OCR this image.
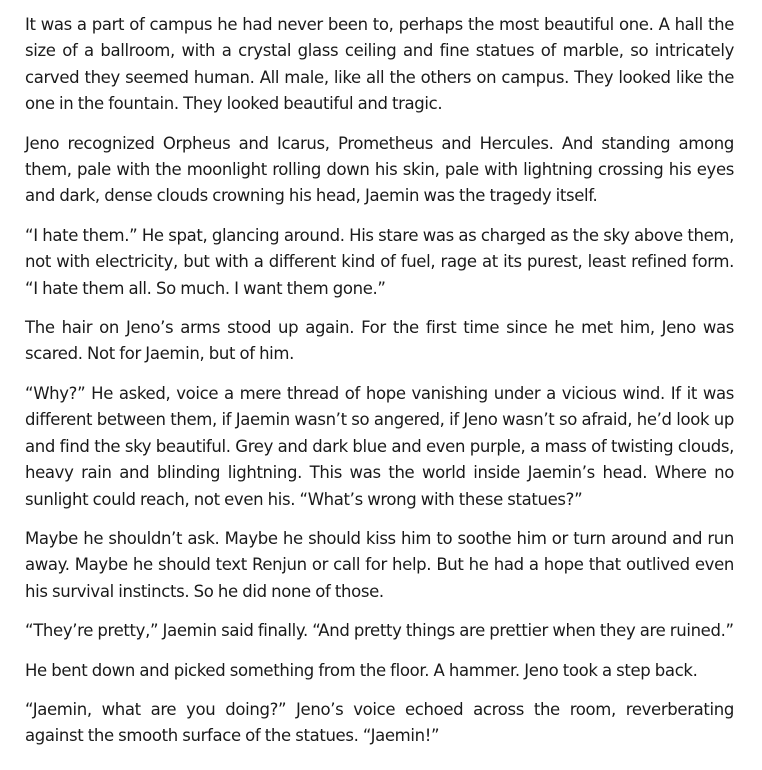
It was a part of campus he had never been to, perhaps the most beautiful one. A hall the size of a ballroom, with a crystal glass ceiling and fine statues of marble, so intricately carved they seemed human. All male, like all the others on campus. They looked like the one in the fountain. They looked beautiful and tragic.

Jeno recognized Orpheus and Icarus, Prometheus and Hercules. And standing among them, pale with the moonlight rolling down his skin, pale with lightning crossing his eyes and dark, dense clouds crowning his head, Jaemin was the tragedy itself.

“I hate them.” He spat, glancing around. His stare was as charged as the sky above them, not with electricity, but with a different kind of fuel, rage at its purest, least refined form. “I hate them all. So much. I want them gone.”

The hair on Jeno’s arms stood up again. For the first time since he met him, Jeno was scared. Not for Jaemin, but of him.

“Why?” He asked, voice a mere thread of hope vanishing under a vicious wind. If it was different between them, if Jaemin wasn’t so angered, if Jeno wasn’t so afraid, he’d look up and find the sky beautiful. Grey and dark blue and even purple, a mass of twisting clouds, heavy rain and blinding lightning. This was the world inside Jaemin’s head. Where no sunlight could reach, not even his. “What’s wrong with these statues?”

Maybe he shouldn’t ask. Maybe he should kiss him to soothe him or turn around and run away. Maybe he should text Renjun or call for help. But he had a hope that outlived even his survival instincts. So he did none of those.

“They’re pretty,” Jaemin said finally. “And pretty things are prettier when they are ruined.”

He bent down and picked something from the floor. A hammer. Jeno took a step back.

“Jaemin, what are you doing?” Jeno’s voice echoed across the room, reverberating against the smooth surface of the statues. “Jaemin!”
